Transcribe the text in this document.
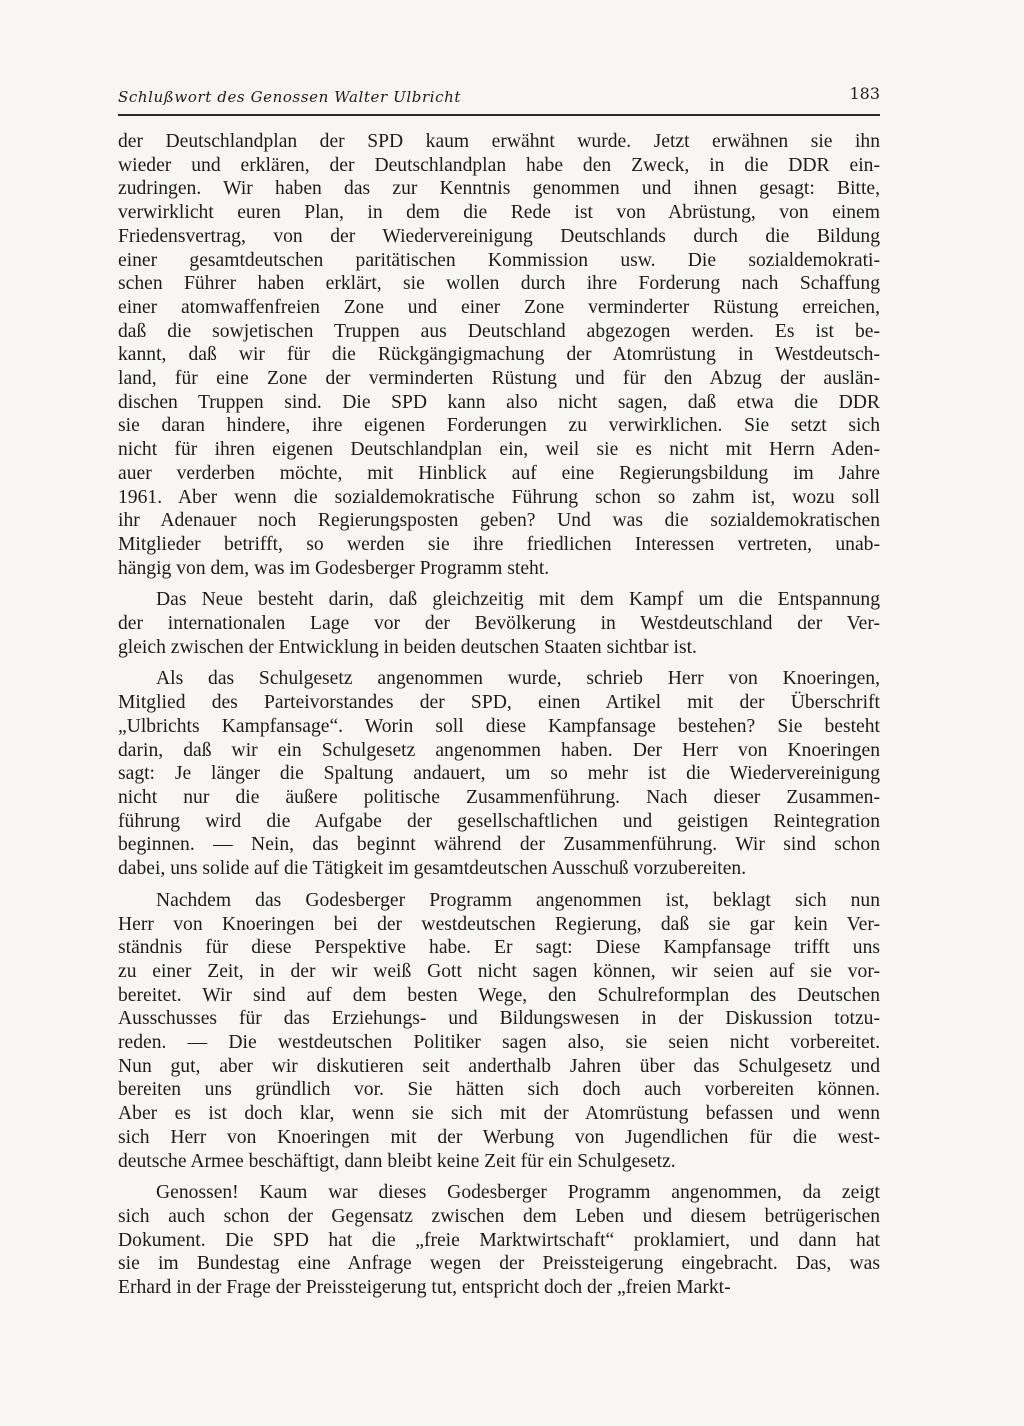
Schlußwort des Genossen Walter Ulbricht	183
der Deutschlandplan der SPD kaum erwähnt wurde. Jetzt erwähnen sie ihn
wieder und erklären, der Deutschlandplan habe den Zweck, in die DDR ein-
zudringen. Wir haben das zur Kenntnis genommen und ihnen gesagt: Bitte,
verwirklicht euren Plan, in dem die Rede ist von Abrüstung, von einem
Friedensvertrag, von der Wiedervereinigung Deutschlands durch die Bildung
einer gesamtdeutschen paritätischen Kommission usw. Die sozialdemokrati-
schen Führer haben erklärt, sie wollen durch ihre Forderung nach Schaffung
einer atomwaffenfreien Zone und einer Zone verminderter Rüstung erreichen,
daß die sowjetischen Truppen aus Deutschland abgezogen werden. Es ist be-
kannt, daß wir für die Rückgängigmachung der Atomrüstung in Westdeutsch-
land, für eine Zone der verminderten Rüstung und für den Abzug der auslän-
dischen Truppen sind. Die SPD kann also nicht sagen, daß etwa die DDR
sie daran hindere, ihre eigenen Forderungen zu verwirklichen. Sie setzt sich
nicht für ihren eigenen Deutschlandplan ein, weil sie es nicht mit Herrn Aden-
auer verderben möchte, mit Hinblick auf eine Regierungsbildung im Jahre
1961. Aber wenn die sozialdemokratische Führung schon so zahm ist, wozu soll
ihr Adenauer noch Regierungsposten geben? Und was die sozialdemokratischen
Mitglieder betrifft, so werden sie ihre friedlichen Interessen vertreten, unab-
hängig von dem, was im Godesberger Programm steht.
Das Neue besteht darin, daß gleichzeitig mit dem Kampf um die Entspannung
der internationalen Lage vor der Bevölkerung in Westdeutschland der Ver-
gleich zwischen der Entwicklung in beiden deutschen Staaten sichtbar ist.
Als das Schulgesetz angenommen wurde, schrieb Herr von Knoeringen,
Mitglied des Parteivorstandes der SPD, einen Artikel mit der Überschrift
„Ulbrichts Kampfansage“. Worin soll diese Kampfansage bestehen? Sie besteht
darin, daß wir ein Schulgesetz angenommen haben. Der Herr von Knoeringen
sagt: Je länger die Spaltung andauert, um so mehr ist die Wiedervereinigung
nicht nur die äußere politische Zusammenführung. Nach dieser Zusammen-
führung wird die Aufgabe der gesellschaftlichen und geistigen Reintegration
beginnen. — Nein, das beginnt während der Zusammenführung. Wir sind schon
dabei, uns solide auf die Tätigkeit im gesamtdeutschen Ausschuß vorzubereiten.
Nachdem das Godesberger Programm angenommen ist, beklagt sich nun
Herr von Knoeringen bei der westdeutschen Regierung, daß sie gar kein Ver-
ständnis für diese Perspektive habe. Er sagt: Diese Kampfansage trifft uns
zu einer Zeit, in der wir weiß Gott nicht sagen können, wir seien auf sie vor-
bereitet. Wir sind auf dem besten Wege, den Schulreformplan des Deutschen
Ausschusses für das Erziehungs- und Bildungswesen in der Diskussion totzu-
reden. — Die westdeutschen Politiker sagen also, sie seien nicht vorbereitet.
Nun gut, aber wir diskutieren seit anderthalb Jahren über das Schulgesetz und
bereiten uns gründlich vor. Sie hätten sich doch auch vorbereiten können.
Aber es ist doch klar, wenn sie sich mit der Atomrüstung befassen und wenn
sich Herr von Knoeringen mit der Werbung von Jugendlichen für die west-
deutsche Armee beschäftigt, dann bleibt keine Zeit für ein Schulgesetz.
Genossen! Kaum war dieses Godesberger Programm angenommen, da zeigt
sich auch schon der Gegensatz zwischen dem Leben und diesem betrügerischen
Dokument. Die SPD hat die „freie Marktwirtschaft“ proklamiert, und dann hat
sie im Bundestag eine Anfrage wegen der Preissteigerung eingebracht. Das, was
Erhard in der Frage der Preissteigerung tut, entspricht doch der „freien Markt-
